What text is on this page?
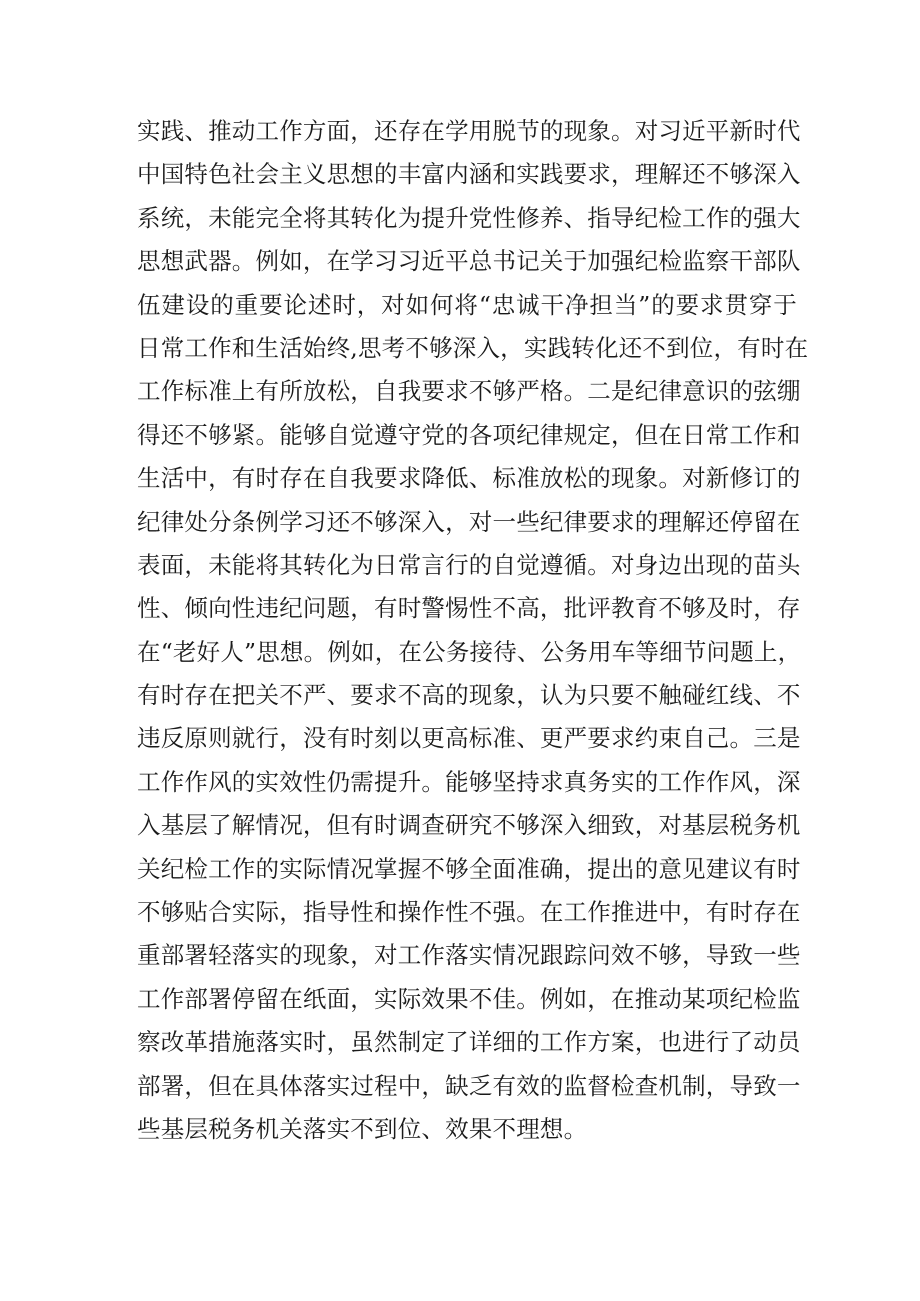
实践、推动工作方面，还存在学用脱节的现象。对习近平新时代
中国特色社会主义思想的丰富内涵和实践要求，理解还不够深入
系统，未能完全将其转化为提升党性修养、指导纪检工作的强大
思想武器。例如，在学习习近平总书记关于加强纪检监察干部队
伍建设的重要论述时，对如何将“忠诚干净担当”的要求贯穿于
日常工作和生活始终,思考不够深入，实践转化还不到位，有时在
工作标准上有所放松，自我要求不够严格。二是纪律意识的弦绷
得还不够紧。能够自觉遵守党的各项纪律规定，但在日常工作和
生活中，有时存在自我要求降低、标准放松的现象。对新修订的
纪律处分条例学习还不够深入，对一些纪律要求的理解还停留在
表面，未能将其转化为日常言行的自觉遵循。对身边出现的苗头
性、倾向性违纪问题，有时警惕性不高，批评教育不够及时，存
在“老好人”思想。例如，在公务接待、公务用车等细节问题上，
有时存在把关不严、要求不高的现象，认为只要不触碰红线、不
违反原则就行，没有时刻以更高标准、更严要求约束自己。三是
工作作风的实效性仍需提升。能够坚持求真务实的工作作风，深
入基层了解情况，但有时调查研究不够深入细致，对基层税务机
关纪检工作的实际情况掌握不够全面准确，提出的意见建议有时
不够贴合实际，指导性和操作性不强。在工作推进中，有时存在
重部署轻落实的现象，对工作落实情况跟踪问效不够，导致一些
工作部署停留在纸面，实际效果不佳。例如，在推动某项纪检监
察改革措施落实时，虽然制定了详细的工作方案，也进行了动员
部署，但在具体落实过程中，缺乏有效的监督检查机制，导致一
些基层税务机关落实不到位、效果不理想。
